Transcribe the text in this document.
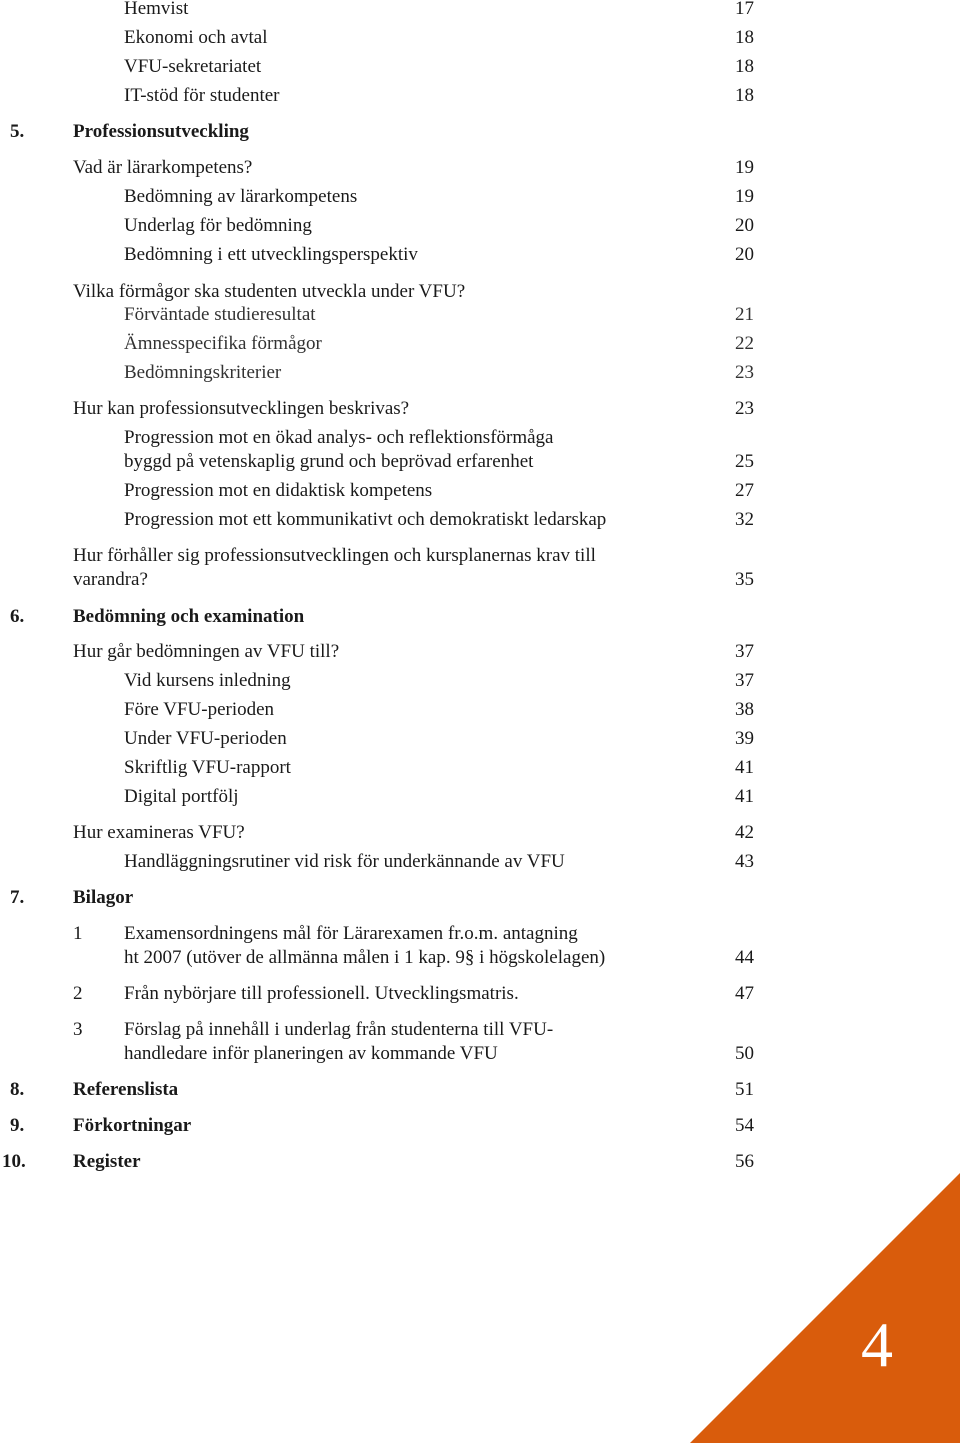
Hemvist	17
Ekonomi och avtal	18
VFU-sekretariatet	18
IT-stöd för studenter	18
5.	Professionsutveckling
Vad är lärarkompetens?	19
Bedömning av lärarkompetens	19
Underlag för bedömning	20
Bedömning i ett utvecklingsperspektiv	20
Vilka förmågor ska studenten utveckla under VFU?
Förväntade studieresultat	21
Ämnesspecifika förmågor	22
Bedömningskriterier	23
Hur kan professionsutvecklingen beskrivas?	23
Progression mot en ökad analys- och reflektionsförmåga
byggd på vetenskaplig grund och beprövad erfarenhet	25
Progression mot en didaktisk kompetens	27
Progression mot ett kommunikativt och demokratiskt ledarskap	32
Hur förhåller sig professionsutvecklingen och kursplanernas krav till
varandra?	35
6.	Bedömning och examination
Hur går bedömningen av VFU till?	37
Vid kursens inledning	37
Före VFU-perioden	38
Under VFU-perioden	39
Skriftlig VFU-rapport	41
Digital portfölj	41
Hur examineras VFU?	42
Handläggningsrutiner vid risk för underkännande av VFU	43
7.	Bilagor
1 Examensordningens mål för Lärarexamen fr.o.m. antagning
ht 2007 (utöver de allmänna målen i 1 kap. 9§ i högskolelagen)	44
2 Från nybörjare till professionell. Utvecklingsmatris.	47
3 Förslag på innehåll i underlag från studenterna till VFU-
handledare inför planeringen av kommande VFU	50
8.	Referenslista	51
9.	Förkortningar	54
10. Register	56
4
